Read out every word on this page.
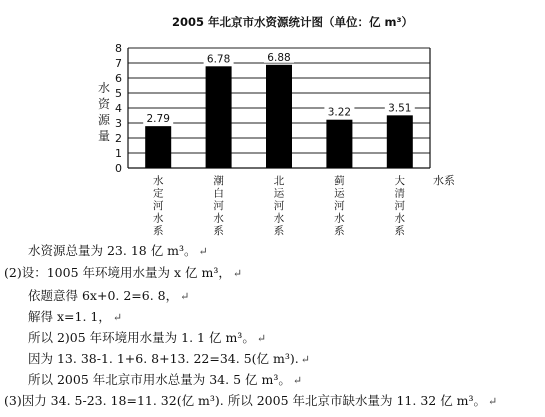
0
1
2
3
4
5
6
7
8
水
资
源
量
水系
2.79
水
定
河
水
系
6.78
潮
白
河
水
系
6.88
北
运
河
水
系
3.22
蓟
运
河
水
系
3.51
大
清
河
水
系
2005 年北京市水资源统计图（单位：亿 m³）
水资源总量为 23. 18 亿 m³。 ↵
(2)设：1005 年环境用水量为 x 亿 m³， ↵
依题意得 6x+0. 2=6. 8， ↵
解得 x=1. 1， ↵
所以 2)05 年环境用水量为 1. 1 亿 m³。 ↵
因为 13. 38-1. 1+6. 8+13. 22=34. 5(亿 m³). ↵
所以 2005 年北京市用水总量为 34. 5 亿 m³。 ↵
(3)因力 34. 5-23. 18=11. 32(亿 m³). 所以 2005 年北京市缺水量为 11. 32 亿 m³。 ↵
